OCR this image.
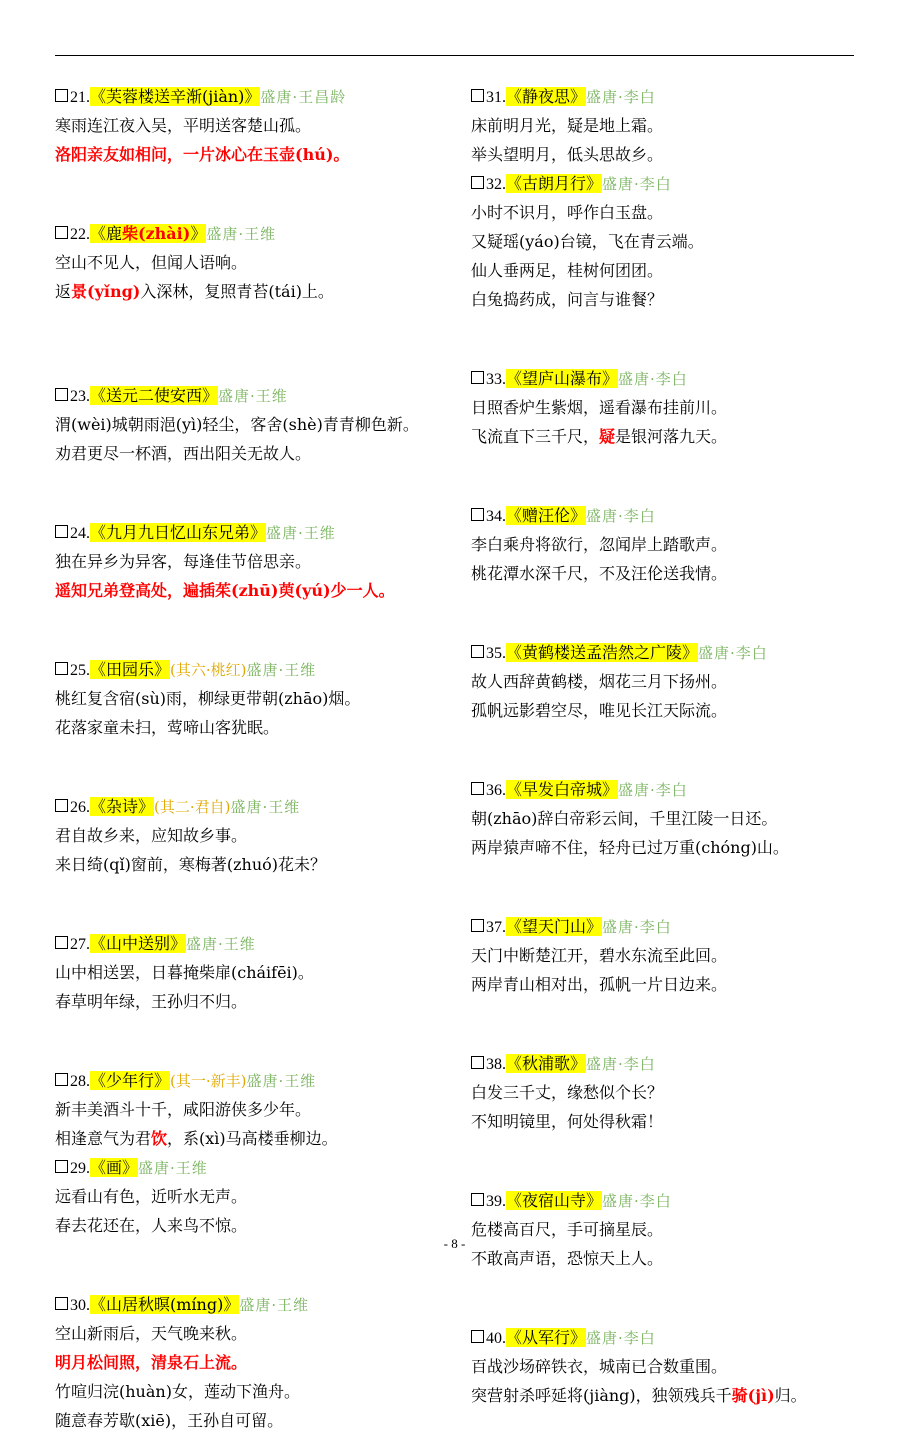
21.《芙蓉楼送辛渐(jiàn)》盛唐·王昌龄
寒雨连江夜入吴，平明送客楚山孤。
洛阳亲友如相问，一片冰心在玉壶(hú)。
22.《鹿柴(zhài)》盛唐·王维
空山不见人，但闻人语响。
返景(yǐng)入深林，复照青苔(tái)上。
23.《送元二使安西》盛唐·王维
渭(wèi)城朝雨浥(yì)轻尘，客舍(shè)青青柳色新。
劝君更尽一杯酒，西出阳关无故人。
24.《九月九日忆山东兄弟》盛唐·王维
独在异乡为异客，每逢佳节倍思亲。
遥知兄弟登高处，遍插茱(zhū)萸(yú)少一人。
25.《田园乐》(其六·桃红)盛唐·王维
桃红复含宿(sù)雨，柳绿更带朝(zhāo)烟。
花落家童未扫，莺啼山客犹眠。
26.《杂诗》(其二·君自)盛唐·王维
君自故乡来，应知故乡事。
来日绮(qǐ)窗前，寒梅著(zhuó)花未？
27.《山中送别》盛唐·王维
山中相送罢，日暮掩柴扉(cháifēi)。
春草明年绿，王孙归不归。
28.《少年行》(其一·新丰)盛唐·王维
新丰美酒斗十千，咸阳游侠多少年。
相逢意气为君饮，系(xì)马高楼垂柳边。
29.《画》盛唐·王维
远看山有色，近听水无声。
春去花还在，人来鸟不惊。
30.《山居秋暝(míng)》盛唐·王维
空山新雨后，天气晚来秋。
明月松间照，清泉石上流。
竹喧归浣(huàn)女，莲动下渔舟。
随意春芳歇(xiē)，王孙自可留。
31.《静夜思》盛唐·李白
床前明月光，疑是地上霜。
举头望明月，低头思故乡。
32.《古朗月行》盛唐·李白
小时不识月，呼作白玉盘。
又疑瑶(yáo)台镜，飞在青云端。
仙人垂两足，桂树何团团。
白兔捣药成，问言与谁餐？
33.《望庐山瀑布》盛唐·李白
日照香炉生紫烟，遥看瀑布挂前川。
飞流直下三千尺，疑是银河落九天。
34.《赠汪伦》盛唐·李白
李白乘舟将欲行，忽闻岸上踏歌声。
桃花潭水深千尺，不及汪伦送我情。
35.《黄鹤楼送孟浩然之广陵》盛唐·李白
故人西辞黄鹤楼，烟花三月下扬州。
孤帆远影碧空尽，唯见长江天际流。
36.《早发白帝城》盛唐·李白
朝(zhāo)辞白帝彩云间，千里江陵一日还。
两岸猿声啼不住，轻舟已过万重(chóng)山。
37.《望天门山》盛唐·李白
天门中断楚江开，碧水东流至此回。
两岸青山相对出，孤帆一片日边来。
38.《秋浦歌》盛唐·李白
白发三千丈，缘愁似个长？
不知明镜里，何处得秋霜！
39.《夜宿山寺》盛唐·李白
危楼高百尺，手可摘星辰。
不敢高声语，恐惊天上人。
40.《从军行》盛唐·李白
百战沙场碎铁衣，城南已合数重围。
突营射杀呼延将(jiàng)，独领残兵千骑(jì)归。
- 8 -
